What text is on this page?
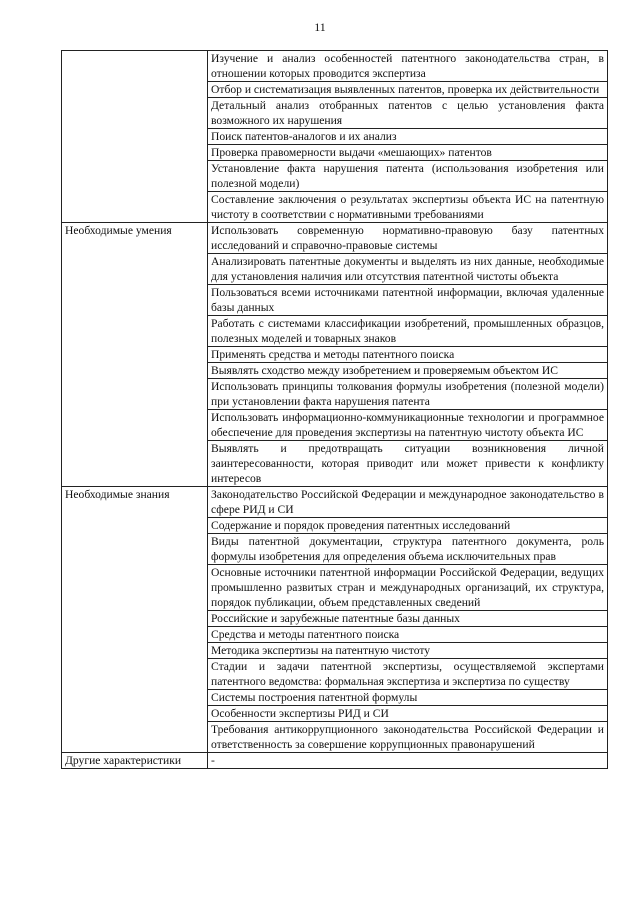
11

	Изучение и анализ особенностей патентного законодательства стран, в отношении которых проводится экспертиза

	Отбор и систематизация выявленных патентов, проверка их действительности

	Детальный анализ отобранных патентов с целью установления факта возможного их нарушения

	Поиск патентов-аналогов и их анализ

	Проверка правомерности выдачи «мешающих» патентов

	Установление факта нарушения патента (использования изобретения или полезной модели)

	Составление заключения о результатах экспертизы объекта ИС на патентную чистоту в соответствии с нормативными требованиями

Необходимые умения	Использовать современную нормативно-правовую базу патентных исследований и справочно-правовые системы

	Анализировать патентные документы и выделять из них данные, необходимые для установления наличия или отсутствия патентной чистоты объекта

	Пользоваться всеми источниками патентной информации, включая удаленные базы данных

	Работать с системами классификации изобретений, промышленных образцов, полезных моделей и товарных знаков

	Применять средства и методы патентного поиска

	Выявлять сходство между изобретением и проверяемым объектом ИС

	Использовать принципы толкования формулы изобретения (полезной модели) при установлении факта нарушения патента

	Использовать информационно-коммуникационные технологии и программное обеспечение для проведения экспертизы на патентную чистоту объекта ИС

	Выявлять и предотвращать ситуации возникновения личной заинтересованности, которая приводит или может привести к конфликту интересов

Необходимые знания	Законодательство Российской Федерации и международное законодательство в сфере РИД и СИ

	Содержание и порядок проведения патентных исследований

	Виды патентной документации, структура патентного документа, роль формулы изобретения для определения объема исключительных прав

	Основные источники патентной информации Российской Федерации, ведущих промышленно развитых стран и международных организаций, их структура, порядок публикации, объем представленных сведений

	Российские и зарубежные патентные базы данных

	Средства и методы патентного поиска

	Методика экспертизы на патентную чистоту

	Стадии и задачи патентной экспертизы, осуществляемой экспертами патентного ведомства: формальная экспертиза и экспертиза по существу

	Системы построения патентной формулы

	Особенности экспертизы РИД и СИ

	Требования антикоррупционного законодательства Российской Федерации и ответственность за совершение коррупционных правонарушений

Другие характеристики	-
